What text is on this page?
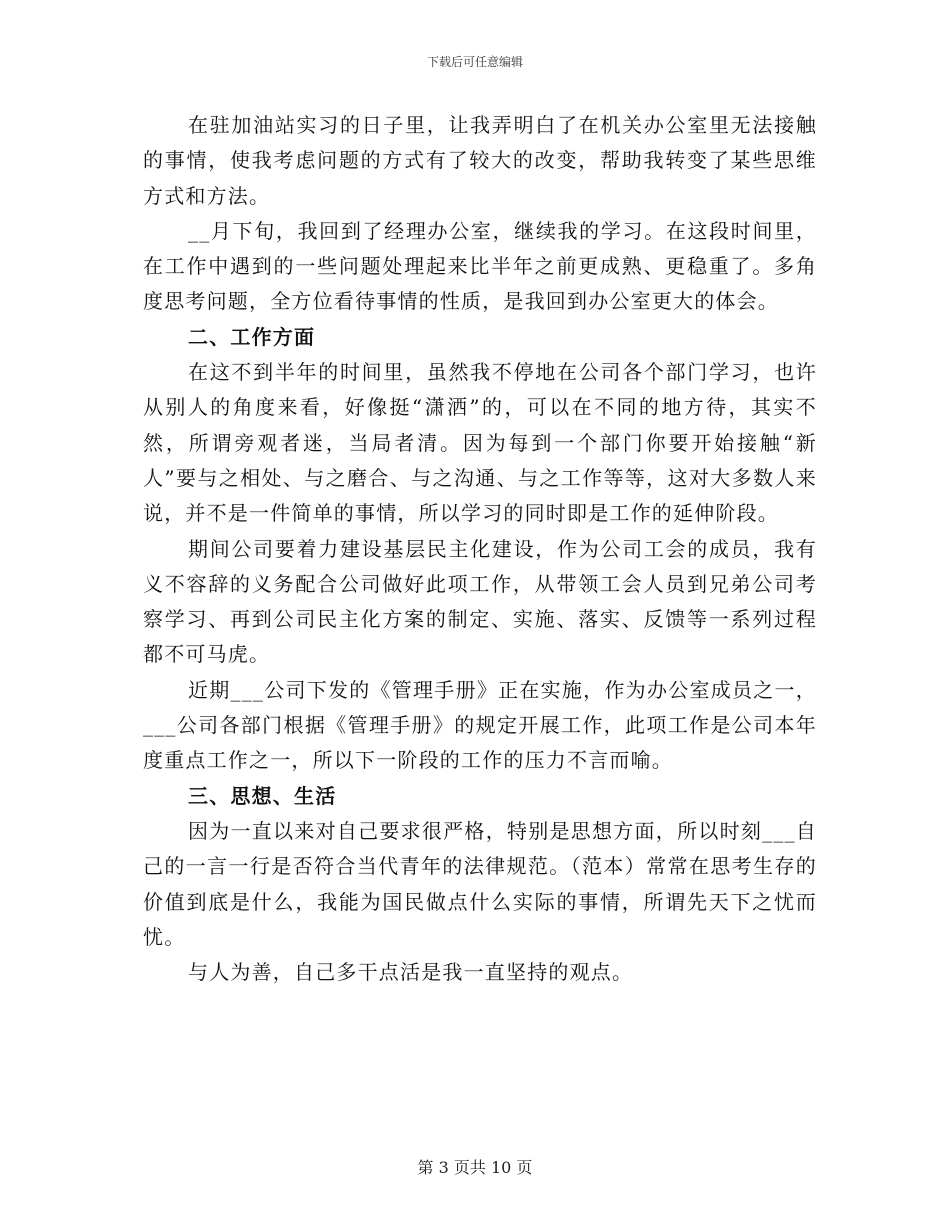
下载后可任意编辑

在驻加油站实习的日子里，让我弄明白了在机关办公室里无法接触的事情，使我考虑问题的方式有了较大的改变，帮助我转变了某些思维方式和方法。

__月下旬，我回到了经理办公室，继续我的学习。在这段时间里，在工作中遇到的一些问题处理起来比半年之前更成熟、更稳重了。多角度思考问题，全方位看待事情的性质，是我回到办公室更大的体会。

二、工作方面

在这不到半年的时间里，虽然我不停地在公司各个部门学习，也许从别人的角度来看，好像挺“潇洒”的，可以在不同的地方待，其实不然，所谓旁观者迷，当局者清。因为每到一个部门你要开始接触“新人”要与之相处、与之磨合、与之沟通、与之工作等等，这对大多数人来说，并不是一件简单的事情，所以学习的同时即是工作的延伸阶段。

期间公司要着力建设基层民主化建设，作为公司工会的成员，我有义不容辞的义务配合公司做好此项工作，从带领工会人员到兄弟公司考察学习、再到公司民主化方案的制定、实施、落实、反馈等一系列过程都不可马虎。

近期___公司下发的《管理手册》正在实施，作为办公室成员之一，___公司各部门根据《管理手册》的规定开展工作，此项工作是公司本年度重点工作之一，所以下一阶段的工作的压力不言而喻。

三、思想、生活

因为一直以来对自己要求很严格，特别是思想方面，所以时刻___自己的一言一行是否符合当代青年的法律规范。（范本）常常在思考生存的价值到底是什么，我能为国民做点什么实际的事情，所谓先天下之忧而忧。

与人为善，自己多干点活是我一直坚持的观点。

第 3 页共 10 页
